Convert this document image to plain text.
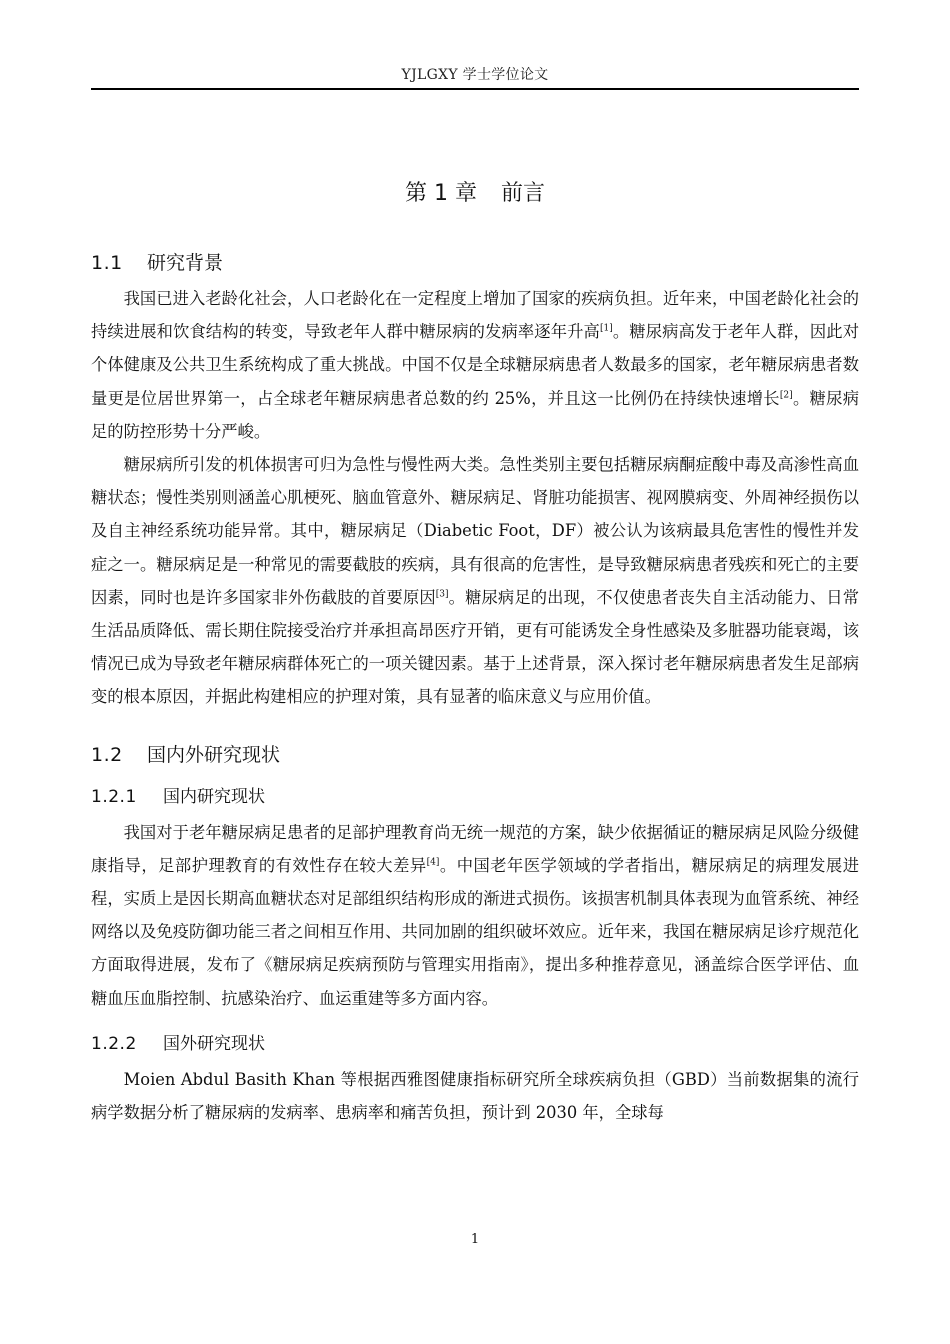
YJLGXY 学士学位论文
第 1 章 前言
1.1 研究背景

我国已进入老龄化社会，人口老龄化在一定程度上增加了国家的疾病负担。近年来，中国老龄化社会的持续进展和饮食结构的转变，导致老年人群中糖尿病的发病率逐年升高[1]。糖尿病高发于老年人群，因此对个体健康及公共卫生系统构成了重大挑战。中国不仅是全球糖尿病患者人数最多的国家，老年糖尿病患者数量更是位居世界第一，占全球老年糖尿病患者总数的约 25%，并且这一比例仍在持续快速增长[2]。糖尿病足的防控形势十分严峻。

糖尿病所引发的机体损害可归为急性与慢性两大类。急性类别主要包括糖尿病酮症酸中毒及高渗性高血糖状态；慢性类别则涵盖心肌梗死、脑血管意外、糖尿病足、肾脏功能损害、视网膜病变、外周神经损伤以及自主神经系统功能异常。其中，糖尿病足（Diabetic Foot，DF）被公认为该病最具危害性的慢性并发症之一。糖尿病足是一种常见的需要截肢的疾病，具有很高的危害性，是导致糖尿病患者残疾和死亡的主要因素，同时也是许多国家非外伤截肢的首要原因[3]。糖尿病足的出现，不仅使患者丧失自主活动能力、日常生活品质降低、需长期住院接受治疗并承担高昂医疗开销，更有可能诱发全身性感染及多脏器功能衰竭，该情况已成为导致老年糖尿病群体死亡的一项关键因素。基于上述背景，深入探讨老年糖尿病患者发生足部病变的根本原因，并据此构建相应的护理对策，具有显著的临床意义与应用价值。

1.2 国内外研究现状
1.2.1 国内研究现状

我国对于老年糖尿病足患者的足部护理教育尚无统一规范的方案，缺少依据循证的糖尿病足风险分级健康指导，足部护理教育的有效性存在较大差异[4]。中国老年医学领域的学者指出，糖尿病足的病理发展进程，实质上是因长期高血糖状态对足部组织结构形成的渐进式损伤。该损害机制具体表现为血管系统、神经网络以及免疫防御功能三者之间相互作用、共同加剧的组织破坏效应。近年来，我国在糖尿病足诊疗规范化方面取得进展，发布了《糖尿病足疾病预防与管理实用指南》，提出多种推荐意见，涵盖综合医学评估、血糖血压血脂控制、抗感染治疗、血运重建等多方面内容。

1.2.2 国外研究现状

Moien Abdul Basith Khan 等根据西雅图健康指标研究所全球疾病负担（GBD）当前数据集的流行病学数据分析了糖尿病的发病率、患病率和痛苦负担，预计到 2030 年，全球每

1
